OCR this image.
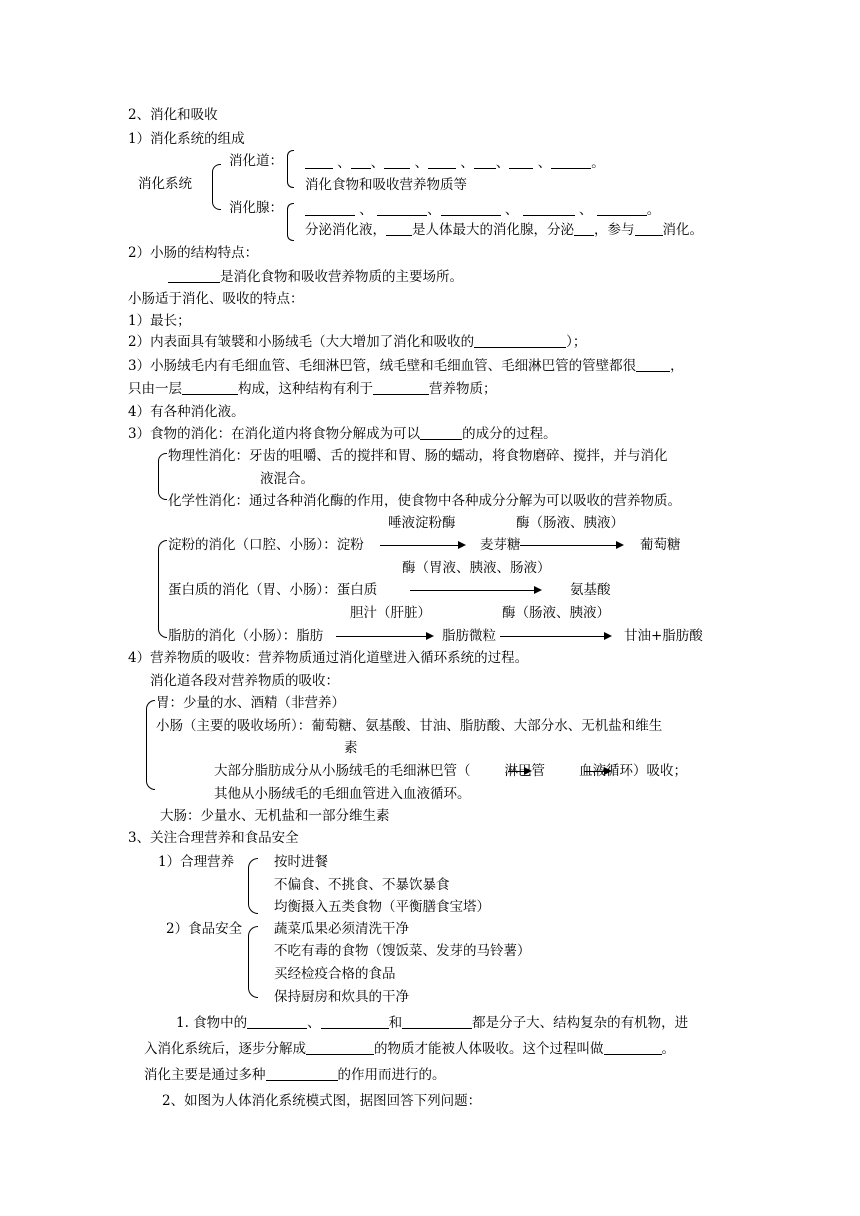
2、消化和吸收
1）消化系统的组成
消化系统
消化道：	、 、 、 、 、 、	。
消化食物和吸收营养物质等
消化腺：	、	、	、	、	。
分泌消化液， 是人体最大的消化腺，分泌 ，参与 消化。
2）小肠的结构特点：
是消化食物和吸收营养物质的主要场所。
小肠适于消化、吸收的特点：
1）最长；
2）内表面具有皱襞和小肠绒毛（大大增加了消化和吸收的	）；
3）小肠绒毛内有毛细血管、毛细淋巴管，绒毛壁和毛细血管、毛细淋巴管的管壁都很	，
只由一层	构成，这种结构有利于	营养物质；
4）有各种消化液。
3）食物的消化：在消化道内将食物分解成为可以	的成分的过程。
物理性消化：牙齿的咀嚼、舌的搅拌和胃、肠的蠕动，将食物磨碎、搅拌，并与消化
液混合。
化学性消化：通过各种消化酶的作用，使食物中各种成分分解为可以吸收的营养物质。
唾液淀粉酶	酶（肠液、胰液）
淀粉的消化（口腔、小肠）：淀粉	麦芽糖	葡萄糖
酶（胃液、胰液、肠液）
蛋白质的消化（胃、小肠）：蛋白质	氨基酸
胆汁（肝脏）	酶（肠液、胰液）
脂肪的消化（小肠）：脂肪	脂肪微粒	甘油+脂肪酸
4）营养物质的吸收：营养物质通过消化道壁进入循环系统的过程。
消化道各段对营养物质的吸收：
胃：少量的水、酒精（非营养）
小肠（主要的吸收场所）：葡萄糖、氨基酸、甘油、脂肪酸、大部分水、无机盐和维生
素
大部分脂肪成分从小肠绒毛的毛细淋巴管（	淋巴管	血液循环）吸收；
其他从小肠绒毛的毛细血管进入血液循环。
大肠：少量水、无机盐和一部分维生素
3、关注合理营养和食品安全
1）合理营养	按时进餐
不偏食、不挑食、不暴饮暴食
均衡摄入五类食物（平衡膳食宝塔）
2）食品安全 蔬菜瓜果必须清洗干净
不吃有毒的食物（馊饭菜、发芽的马铃薯）
买经检疫合格的食品
保持厨房和炊具的干净
1. 食物中的	、	和	都是分子大、结构复杂的有机物，进
入消化系统后，逐步分解成	的物质才能被人体吸收。这个过程叫做	。
消化主要是通过多种	的作用而进行的。
2、如图为人体消化系统模式图，据图回答下列问题：
